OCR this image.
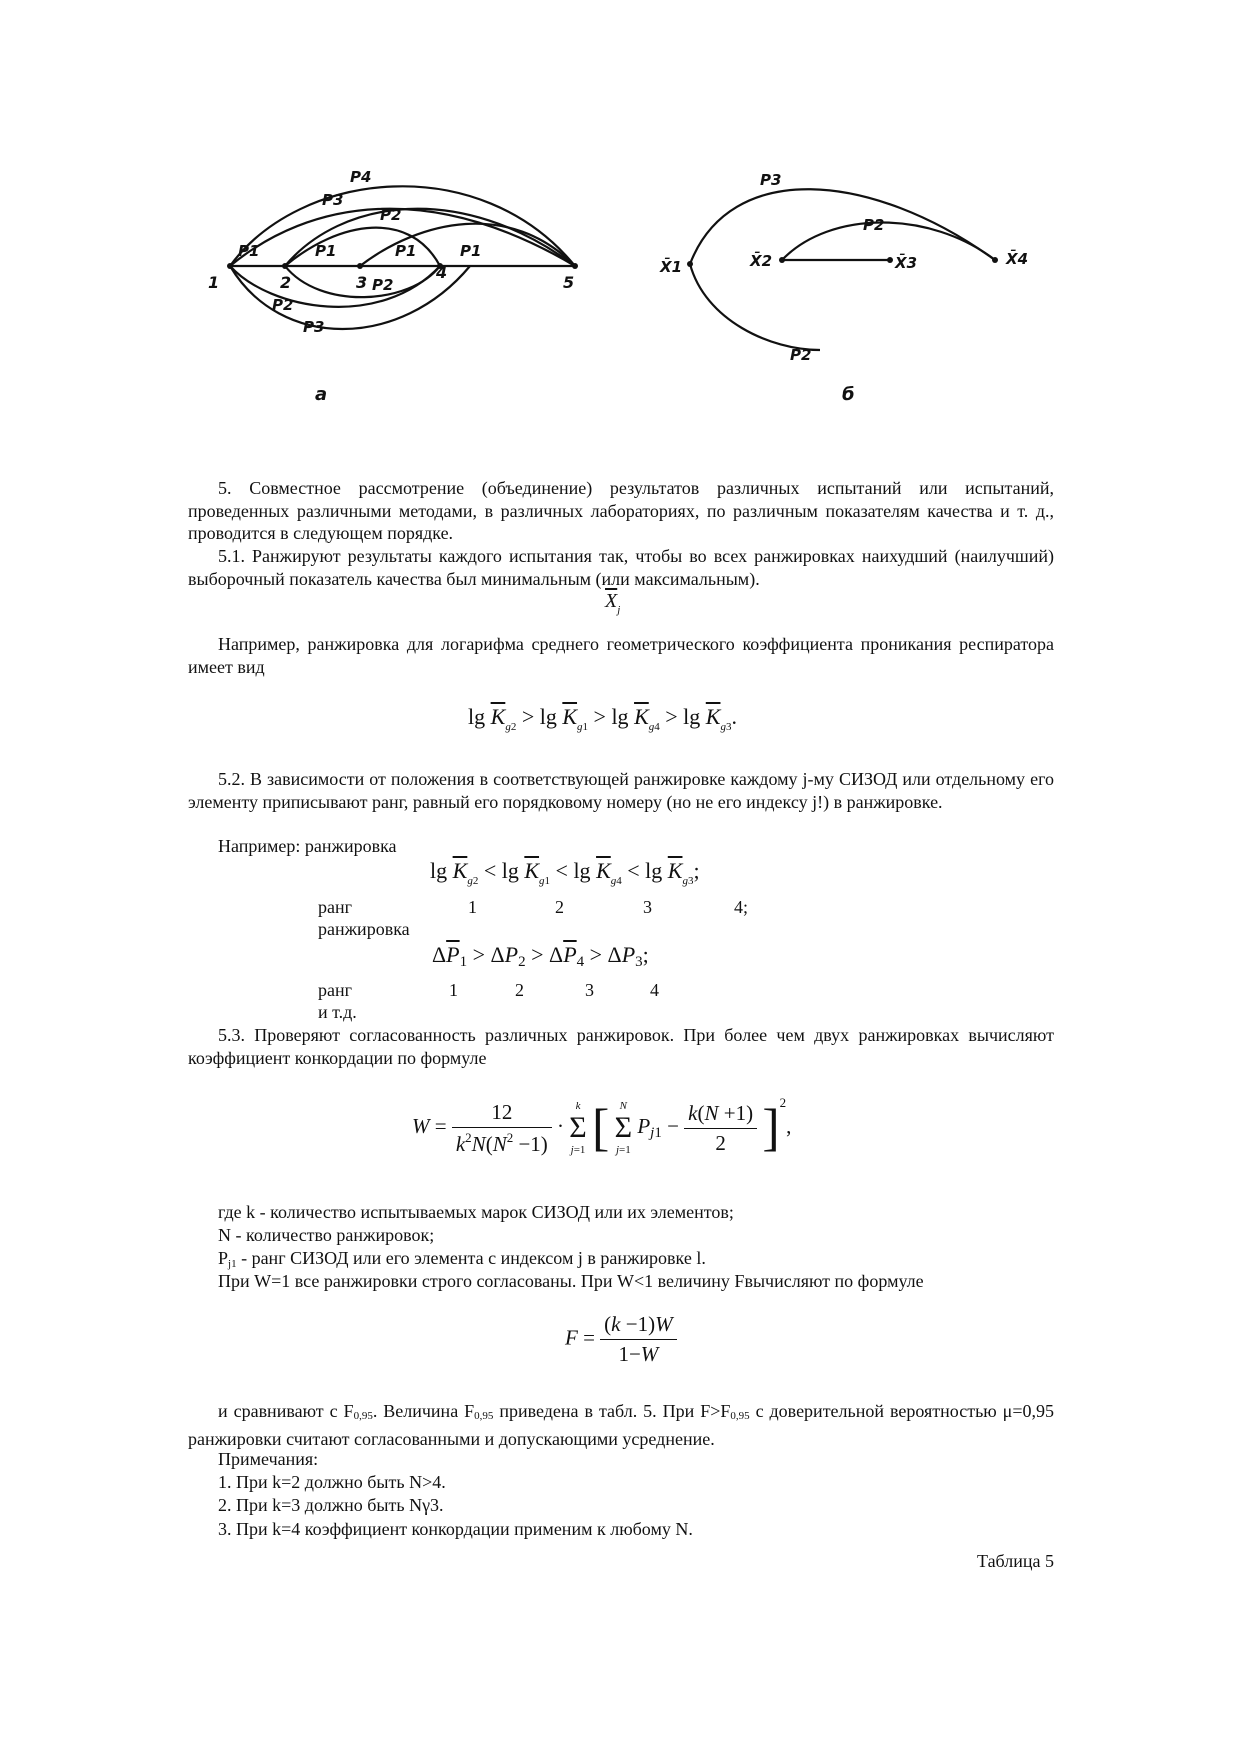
1	2	3
4
5
P4
P3
P2
P1	P1	P1	P1
P2
P2
P3
а
X̄1	X̄2	X̄3	X̄4
P3
P2
P2
б
5. Совместное рассмотрение (объединение) результатов различных испытаний или испытаний, проведенных различными методами, в различных лабораториях, по различным показателям качества и т. д., проводится в следующем порядке.
5.1. Ранжируют результаты каждого испытания так, чтобы во всех ранжировках наихудший (наилучший) выборочный показатель качества был минимальным (или максимальным).
$\overline{X}_j$
Например, ранжировка для логарифма среднего геометрического коэффициента проникания респиратора имеет вид
$\lg \overline{K}_{g2} > \lg \overline{K}_{g1} > \lg \overline{K}_{g4} > \lg \overline{K}_{g3}$.
5.2. В зависимости от положения в соответствующей ранжировке каждому j-му СИЗОД или отдельному его элементу приписывают ранг, равный его порядковому номеру (но не его индексу j!) в ранжировке.
Например: ранжировка
$\lg \overline{K}_{g2} < \lg \overline{K}_{g1} < \lg \overline{K}_{g4} < \lg \overline{K}_{g3}$;
ранг	1	2	3	4;
ранжировка
$\Delta\overline{P}1 > \Delta P2 > \Delta\overline{P}4 > \Delta P3$;
ранг	1	2	3	4
и т.д.
5.3. Проверяют согласованность различных ранжировок. При более чем двух ранжировках вычисляют коэффициент конкордации по формуле
$W = \frac{12}{k^2N(N^2 -1)} \cdot k$
Σ
j=1 [ N
Σ
j=1 $Pj1 - \frac{k(N +1)}{2} ]^2$,
где k - количество испытываемых марок СИЗОД или их элементов;
N - количество ранжировок;
Pj1 - ранг СИЗОД или его элемента с индексом j в ранжировке l.
При W=1 все ранжировки строго согласованы. При W<1 величину Fвычисляют по формуле
$F = \frac{(k -1)W}{1-W}$
и сравнивают с F0,95. Величина F0,95 приведена в табл. 5. При F>F0,95 с доверительной вероятностью μ=0,95 ранжировки считают согласованными и допускающими усреднение.
Примечания:
1. При k=2 должно быть N>4.
2. При k=3 должно быть Nγ3.
3. При k=4 коэффициент конкордации применим к любому N.
Таблица 5
